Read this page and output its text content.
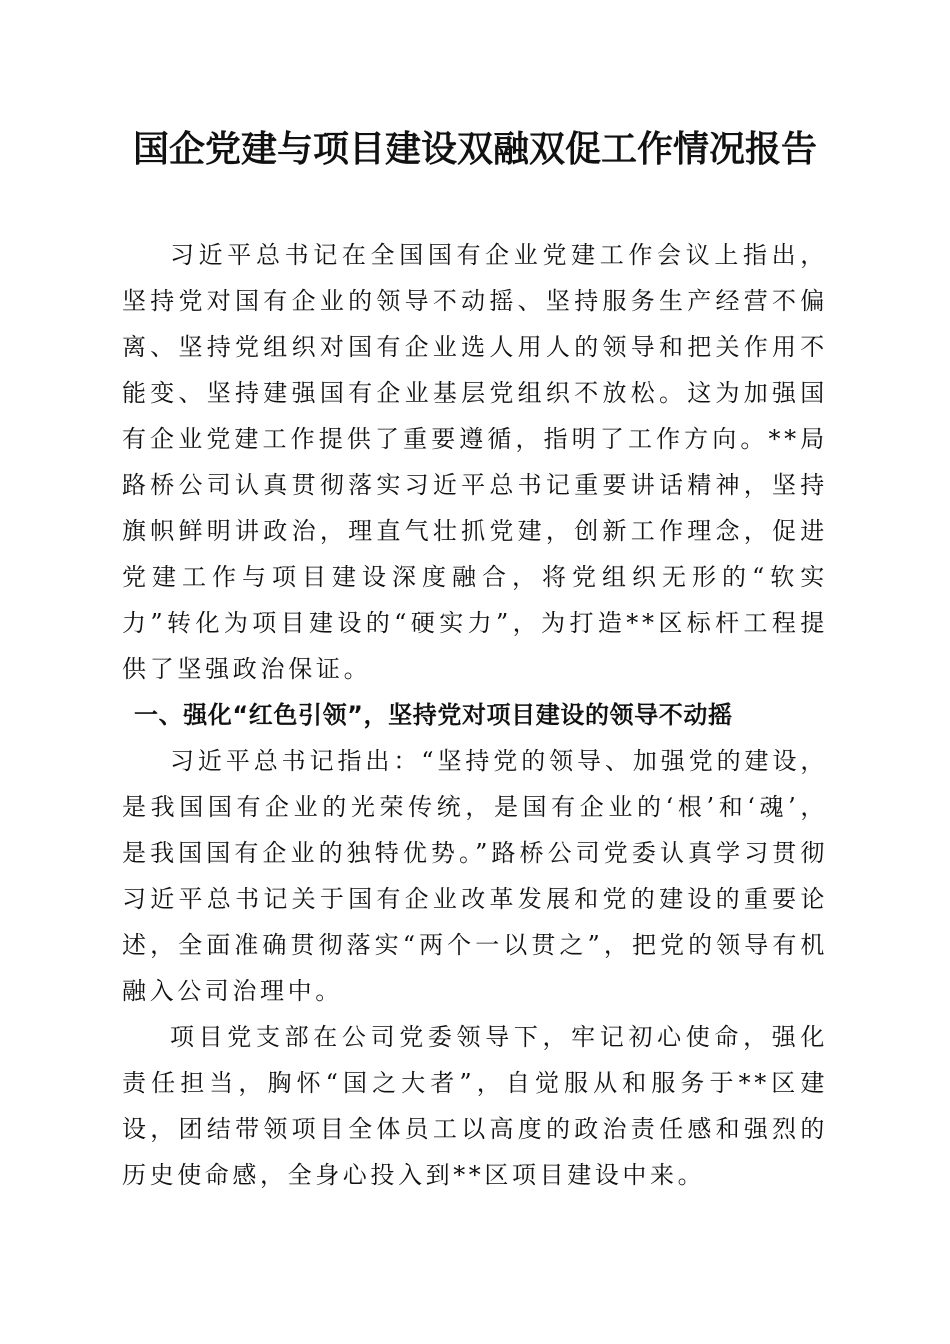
国企党建与项目建设双融双促工作情况报告

习近平总书记在全国国有企业党建工作会议上指出，坚持党对国有企业的领导不动摇、坚持服务生产经营不偏离、坚持党组织对国有企业选人用人的领导和把关作用不能变、坚持建强国有企业基层党组织不放松。这为加强国有企业党建工作提供了重要遵循，指明了工作方向。**局路桥公司认真贯彻落实习近平总书记重要讲话精神，坚持旗帜鲜明讲政治，理直气壮抓党建，创新工作理念，促进党建工作与项目建设深度融合，将党组织无形的“软实力”转化为项目建设的“硬实力”，为打造**区标杆工程提供了坚强政治保证。

一、强化“红色引领”，坚持党对项目建设的领导不动摇

习近平总书记指出：“坚持党的领导、加强党的建设，是我国国有企业的光荣传统，是国有企业的‘根’和‘魂’，是我国国有企业的独特优势。”路桥公司党委认真学习贯彻习近平总书记关于国有企业改革发展和党的建设的重要论述，全面准确贯彻落实“两个一以贯之”，把党的领导有机融入公司治理中。

项目党支部在公司党委领导下，牢记初心使命，强化责任担当，胸怀“国之大者”，自觉服从和服务于**区建设，团结带领项目全体员工以高度的政治责任感和强烈的历史使命感，全身心投入到**区项目建设中来。
